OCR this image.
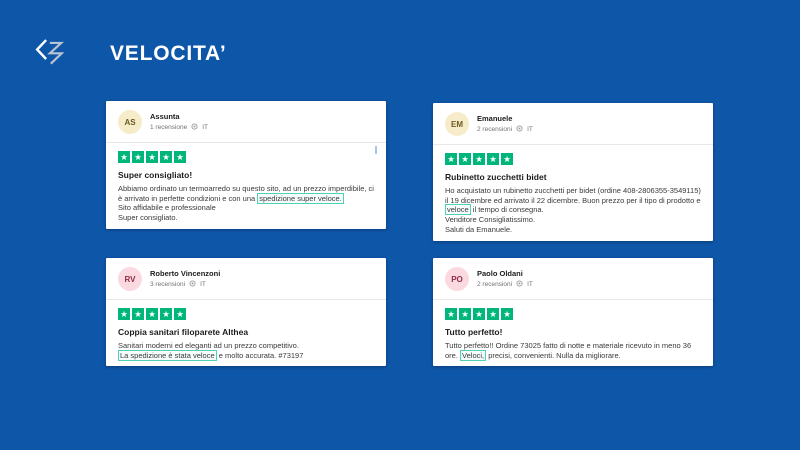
VELOCITA’
AS
Assunta
1 recensione IT
★ ★ ★ ★ ★
Super consigliato!

Abbiamo ordinato un termoarredo su questo sito, ad un prezzo imperdibile, ci è arrivato in perfette condizioni e con una spedizione super veloce.
Sito affidabile e professionale
Super consigliato.

EM
Emanuele
2 recensioni IT
★ ★ ★ ★ ★
Rubinetto zucchetti bidet

Ho acquistato un rubinetto zucchetti per bidet (ordine 408-2806355-3549115) il 19 dicembre ed arrivato il 22 dicembre. Buon prezzo per il tipo di prodotto e veloce il tempo di consegna.
Venditore Consigliatissimo.
Saluti da Emanuele.

RV
Roberto Vincenzoni
3 recensioni IT
★ ★ ★ ★ ★
Coppia sanitari filoparete Althea

Sanitari moderni ed eleganti ad un prezzo competitivo.
La spedizione è stata veloce e molto accurata. #73197

PO
Paolo Oldani
2 recensioni IT
★ ★ ★ ★ ★
Tutto perfetto!

Tutto perfetto!! Ordine 73025 fatto di notte e materiale ricevuto in meno 36 ore. Veloci, precisi, convenienti. Nulla da migliorare.
